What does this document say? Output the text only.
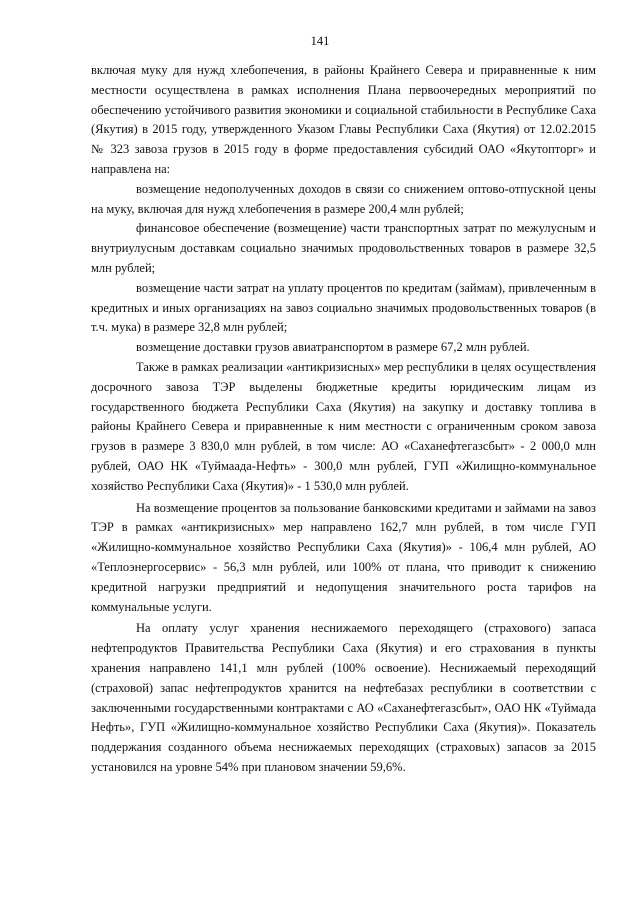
141

включая муку для нужд хлебопечения, в районы Крайнего Севера и приравненные к ним местности осуществлена в рамках исполнения Плана первоочередных мероприятий по обеспечению устойчивого развития экономики и социальной стабильности в Республике Саха (Якутия) в 2015 году, утвержденного Указом Главы Республики Саха (Якутия) от 12.02.2015 № 323 завоза грузов в 2015 году в форме предоставления субсидий ОАО «Якутопторг» и направлена на:

возмещение недополученных доходов в связи со снижением оптово-отпускной цены на муку, включая для нужд хлебопечения в размере 200,4 млн рублей;

финансовое обеспечение (возмещение) части транспортных затрат по межулусным и внутриулусным доставкам социально значимых продовольственных товаров в размере 32,5 млн рублей;

возмещение части затрат на уплату процентов по кредитам (займам), привлеченным в кредитных и иных организациях на завоз социально значимых продовольственных товаров (в т.ч. мука) в размере 32,8 млн рублей;

возмещение доставки грузов авиатранспортом в размере 67,2 млн рублей.

Также в рамках реализации «антикризисных» мер республики в целях осуществления досрочного завоза ТЭР выделены бюджетные кредиты юридическим лицам из государственного бюджета Республики Саха (Якутия) на закупку и доставку топлива в районы Крайнего Севера и приравненные к ним местности с ограниченным сроком завоза грузов в размере 3 830,0 млн рублей, в том числе: АО «Саханефтегазсбыт» - 2 000,0 млн рублей, ОАО НК «Туймаада-Нефть» - 300,0 млн рублей, ГУП «Жилищно-коммунальное хозяйство Республики Саха (Якутия)» - 1 530,0 млн рублей.

На возмещение процентов за пользование банковскими кредитами и займами на завоз ТЭР в рамках «антикризисных» мер направлено 162,7 млн рублей, в том числе ГУП «Жилищно-коммунальное хозяйство Республики Саха (Якутия)» - 106,4 млн рублей, АО «Теплоэнергосервис» - 56,3 млн рублей, или 100% от плана, что приводит к снижению кредитной нагрузки предприятий и недопущения значительного роста тарифов на коммунальные услуги.

На оплату услуг хранения неснижаемого переходящего (страхового) запаса нефтепродуктов Правительства Республики Саха (Якутия) и его страхования в пункты хранения направлено 141,1 млн рублей (100% освоение). Неснижаемый переходящий (страховой) запас нефтепродуктов хранится на нефтебазах республики в соответствии с заключенными государственными контрактами с АО «Саханефтегазсбыт», ОАО НК «Туймада Нефть», ГУП «Жилищно-коммунальное хозяйство Республики Саха (Якутия)». Показатель поддержания созданного объема неснижаемых переходящих (страховых) запасов за 2015 установился на уровне 54% при плановом значении 59,6%.
